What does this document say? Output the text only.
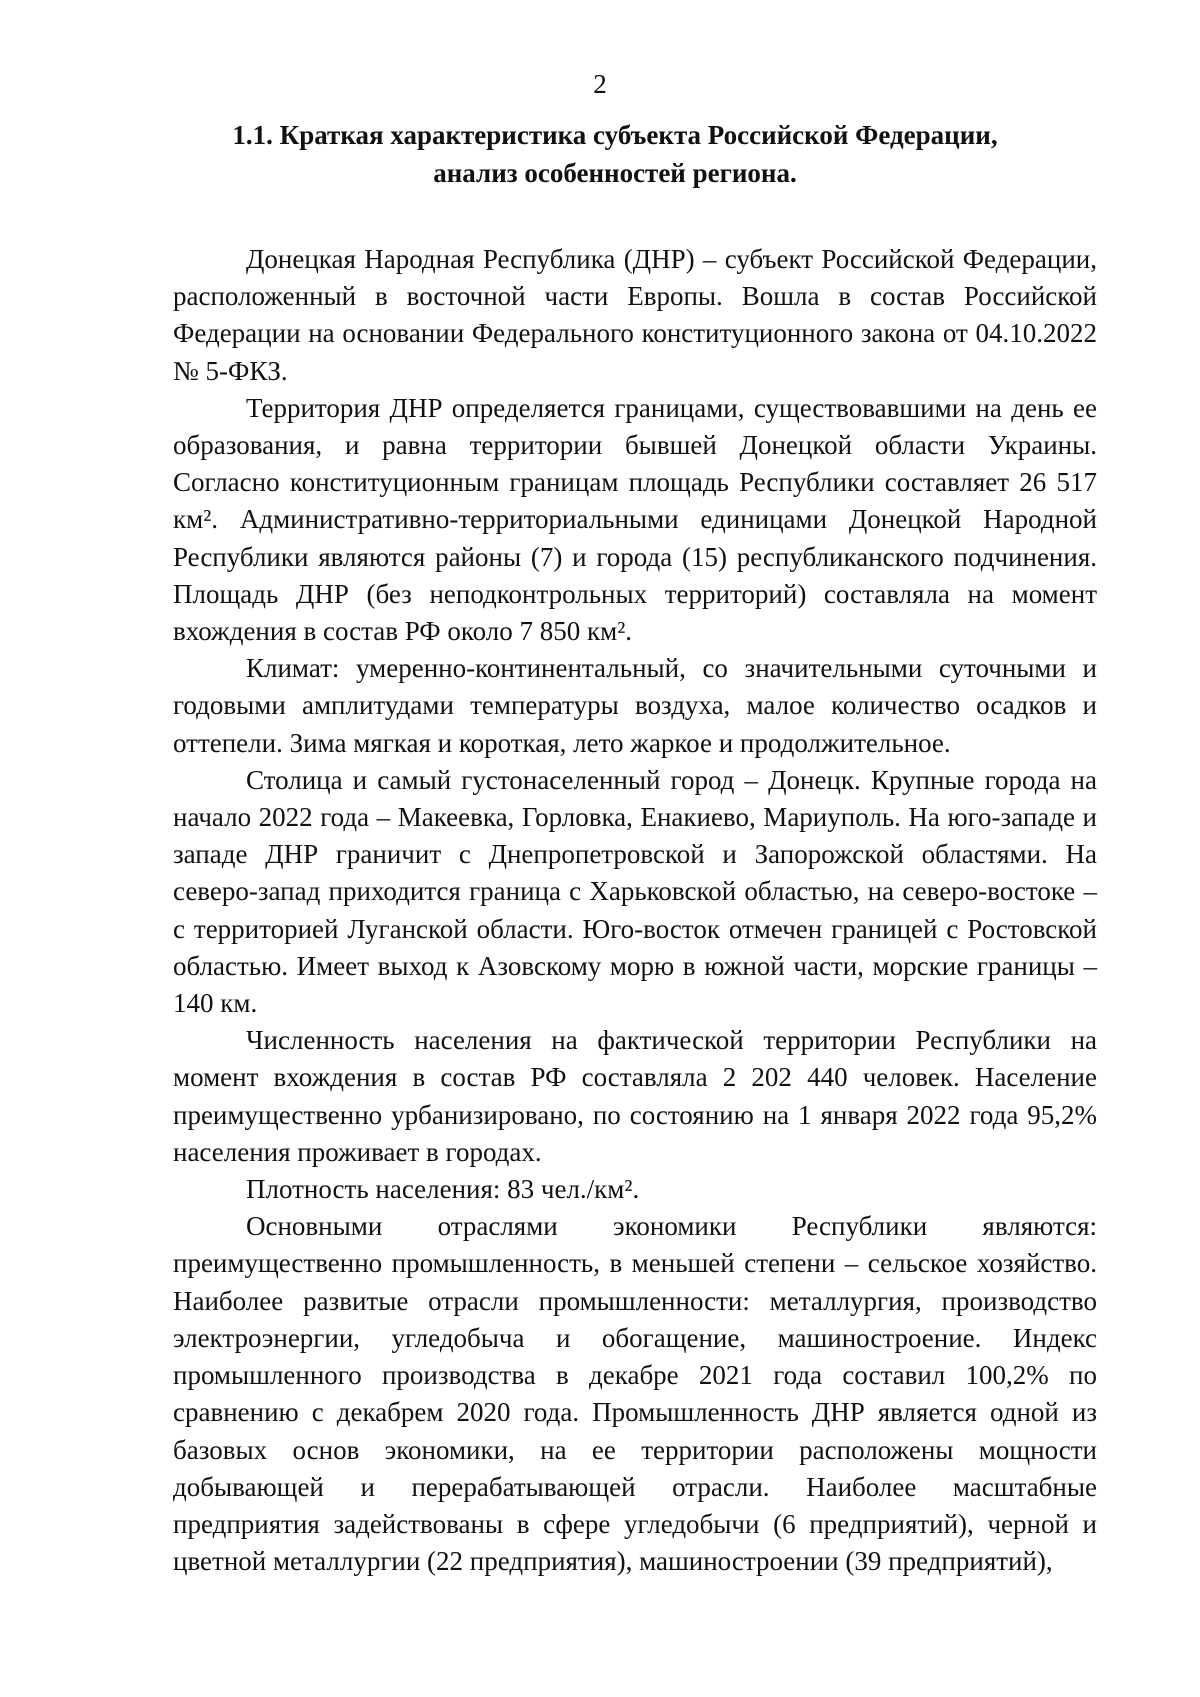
2

1.1. Краткая характеристика субъекта Российской Федерации,
анализ особенностей региона.

Донецкая Народная Республика (ДНР) – субъект Российской Федерации, расположенный в восточной части Европы. Вошла в состав Российской Федерации на основании Федерального конституционного закона от 04.10.2022 № 5-ФКЗ.

Территория ДНР определяется границами, существовавшими на день ее образования, и равна территории бывшей Донецкой области Украины. Согласно конституционным границам площадь Республики составляет 26 517 км². Административно-территориальными единицами Донецкой Народной Республики являются районы (7) и города (15) республиканского подчинения. Площадь ДНР (без неподконтрольных территорий) составляла на момент вхождения в состав РФ около 7 850 км².

Климат: умеренно-континентальный, со значительными суточными и годовыми амплитудами температуры воздуха, малое количество осадков и оттепели. Зима мягкая и короткая, лето жаркое и продолжительное.

Столица и самый густонаселенный город – Донецк. Крупные города на начало 2022 года – Макеевка, Горловка, Енакиево, Мариуполь. На юго-западе и западе ДНР граничит с Днепропетровской и Запорожской областями. На северо-запад приходится граница с Харьковской областью, на северо-востоке – с территорией Луганской области. Юго-восток отмечен границей с Ростовской областью. Имеет выход к Азовскому морю в южной части, морские границы – 140 км.

Численность населения на фактической территории Республики на момент вхождения в состав РФ составляла 2 202 440 человек. Население преимущественно урбанизировано, по состоянию на 1 января 2022 года 95,2% населения проживает в городах.

Плотность населения: 83 чел./км².

Основными отраслями экономики Республики являются: преимущественно промышленность, в меньшей степени – сельское хозяйство. Наиболее развитые отрасли промышленности: металлургия, производство электроэнергии, угледобыча и обогащение, машиностроение. Индекс промышленного производства в декабре 2021 года составил 100,2% по сравнению с декабрем 2020 года. Промышленность ДНР является одной из базовых основ экономики, на ее территории расположены мощности добывающей и перерабатывающей отрасли. Наиболее масштабные предприятия задействованы в сфере угледобычи (6 предприятий), черной и цветной металлургии (22 предприятия), машиностроении (39 предприятий),
